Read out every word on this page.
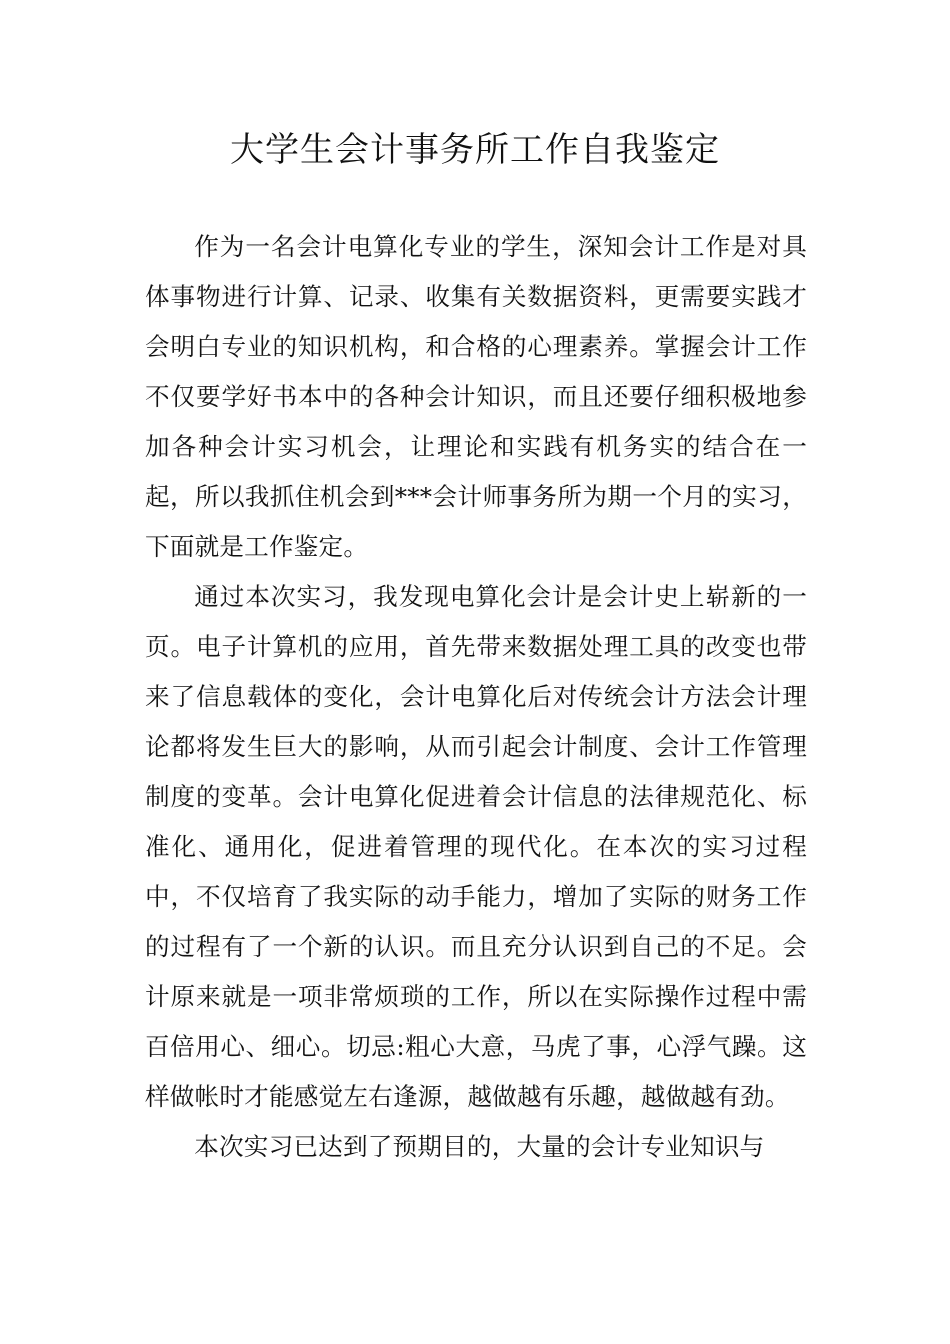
大学生会计事务所工作自我鉴定

作为一名会计电算化专业的学生，深知会计工作是对具体事物进行计算、记录、收集有关数据资料，更需要实践才会明白专业的知识机构，和合格的心理素养。掌握会计工作不仅要学好书本中的各种会计知识，而且还要仔细积极地参加各种会计实习机会，让理论和实践有机务实的结合在一起，所以我抓住机会到***会计师事务所为期一个月的实习，下面就是工作鉴定。

通过本次实习，我发现电算化会计是会计史上崭新的一页。电子计算机的应用，首先带来数据处理工具的改变也带来了信息载体的变化，会计电算化后对传统会计方法会计理论都将发生巨大的影响，从而引起会计制度、会计工作管理制度的变革。会计电算化促进着会计信息的法律规范化、标准化、通用化，促进着管理的现代化。在本次的实习过程中，不仅培育了我实际的动手能力，增加了实际的财务工作的过程有了一个新的认识。而且充分认识到自己的不足。会计原来就是一项非常烦琐的工作，所以在实际操作过程中需百倍用心、细心。切忌:粗心大意，马虎了事，心浮气躁。这样做帐时才能感觉左右逢源，越做越有乐趣，越做越有劲。

本次实习已达到了预期目的，大量的会计专业知识与
